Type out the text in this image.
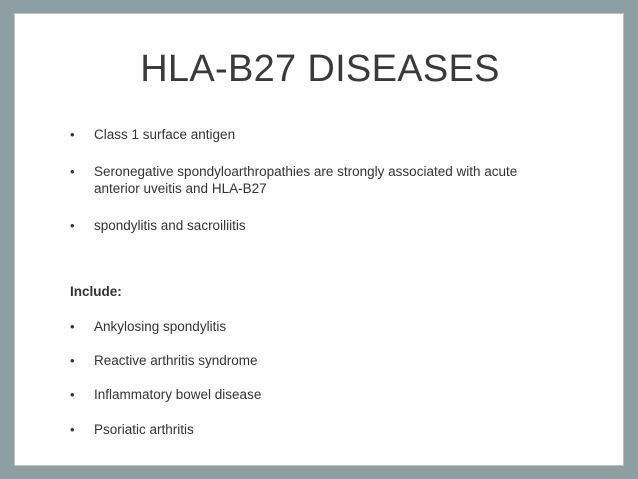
HLA-B27 DISEASES
• Class 1 surface antigen
• Seronegative spondyloarthropathies are strongly associated with acute anterior uveitis and HLA-B27
• spondylitis and sacroiliitis
Include:
• Ankylosing spondylitis
• Reactive arthritis syndrome
• Inflammatory bowel disease
• Psoriatic arthritis
